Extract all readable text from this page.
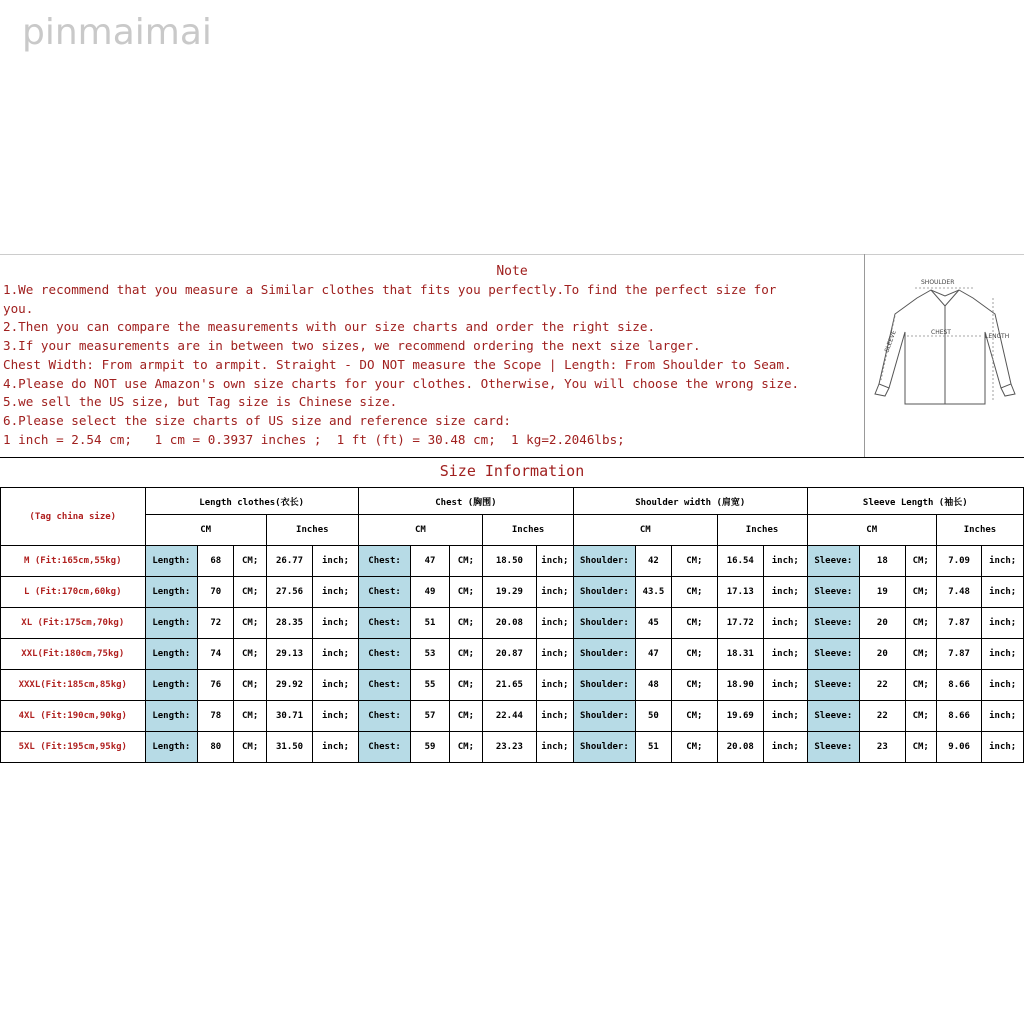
pinmaimai
Note
1.We recommend that you measure a Similar clothes that fits you perfectly.To find the perfect size for
you.
2.Then you can compare the measurements with our size charts and order the right size.
3.If your measurements are in between two sizes, we recommend ordering the next size larger.
Chest Width: From armpit to armpit. Straight - DO NOT measure the Scope | Length: From Shoulder to Seam.
4.Please do NOT use Amazon's own size charts for your clothes. Otherwise, You will choose the wrong size.
5.we sell the US size, but Tag size is Chinese size.
6.Please select the size charts of US size and reference size card:
1 inch = 2.54 cm;   1 cm = 0.3937 inches ;  1 ft (ft) = 30.48 cm;  1 kg=2.2046lbs;
SHOULDER
CHEST
LENGTH
SLEEVE
Size Information
(Tag china size)	Length clothes(衣长)					Chest (胸围)					Shoulder width (肩宽)					Sleeve Length (袖长)				
	CM			Inches		CM			Inches		CM			Inches		CM			Inches	
M (Fit:165cm,55kg)	Length:	68	CM;	26.77	inch;	Chest:	47	CM;	18.50	inch;	Shoulder:	42	CM;	16.54	inch;	Sleeve:	18	CM;	7.09	inch;
L (Fit:170cm,60kg)	Length:	70	CM;	27.56	inch;	Chest:	49	CM;	19.29	inch;	Shoulder:	43.5	CM;	17.13	inch;	Sleeve:	19	CM;	7.48	inch;
XL (Fit:175cm,70kg)	Length:	72	CM;	28.35	inch;	Chest:	51	CM;	20.08	inch;	Shoulder:	45	CM;	17.72	inch;	Sleeve:	20	CM;	7.87	inch;
XXL(Fit:180cm,75kg)	Length:	74	CM;	29.13	inch;	Chest:	53	CM;	20.87	inch;	Shoulder:	47	CM;	18.31	inch;	Sleeve:	20	CM;	7.87	inch;
XXXL(Fit:185cm,85kg)	Length:	76	CM;	29.92	inch;	Chest:	55	CM;	21.65	inch;	Shoulder:	48	CM;	18.90	inch;	Sleeve:	22	CM;	8.66	inch;
4XL (Fit:190cm,90kg)	Length:	78	CM;	30.71	inch;	Chest:	57	CM;	22.44	inch;	Shoulder:	50	CM;	19.69	inch;	Sleeve:	22	CM;	8.66	inch;
5XL (Fit:195cm,95kg)	Length:	80	CM;	31.50	inch;	Chest:	59	CM;	23.23	inch;	Shoulder:	51	CM;	20.08	inch;	Sleeve:	23	CM;	9.06	inch;
